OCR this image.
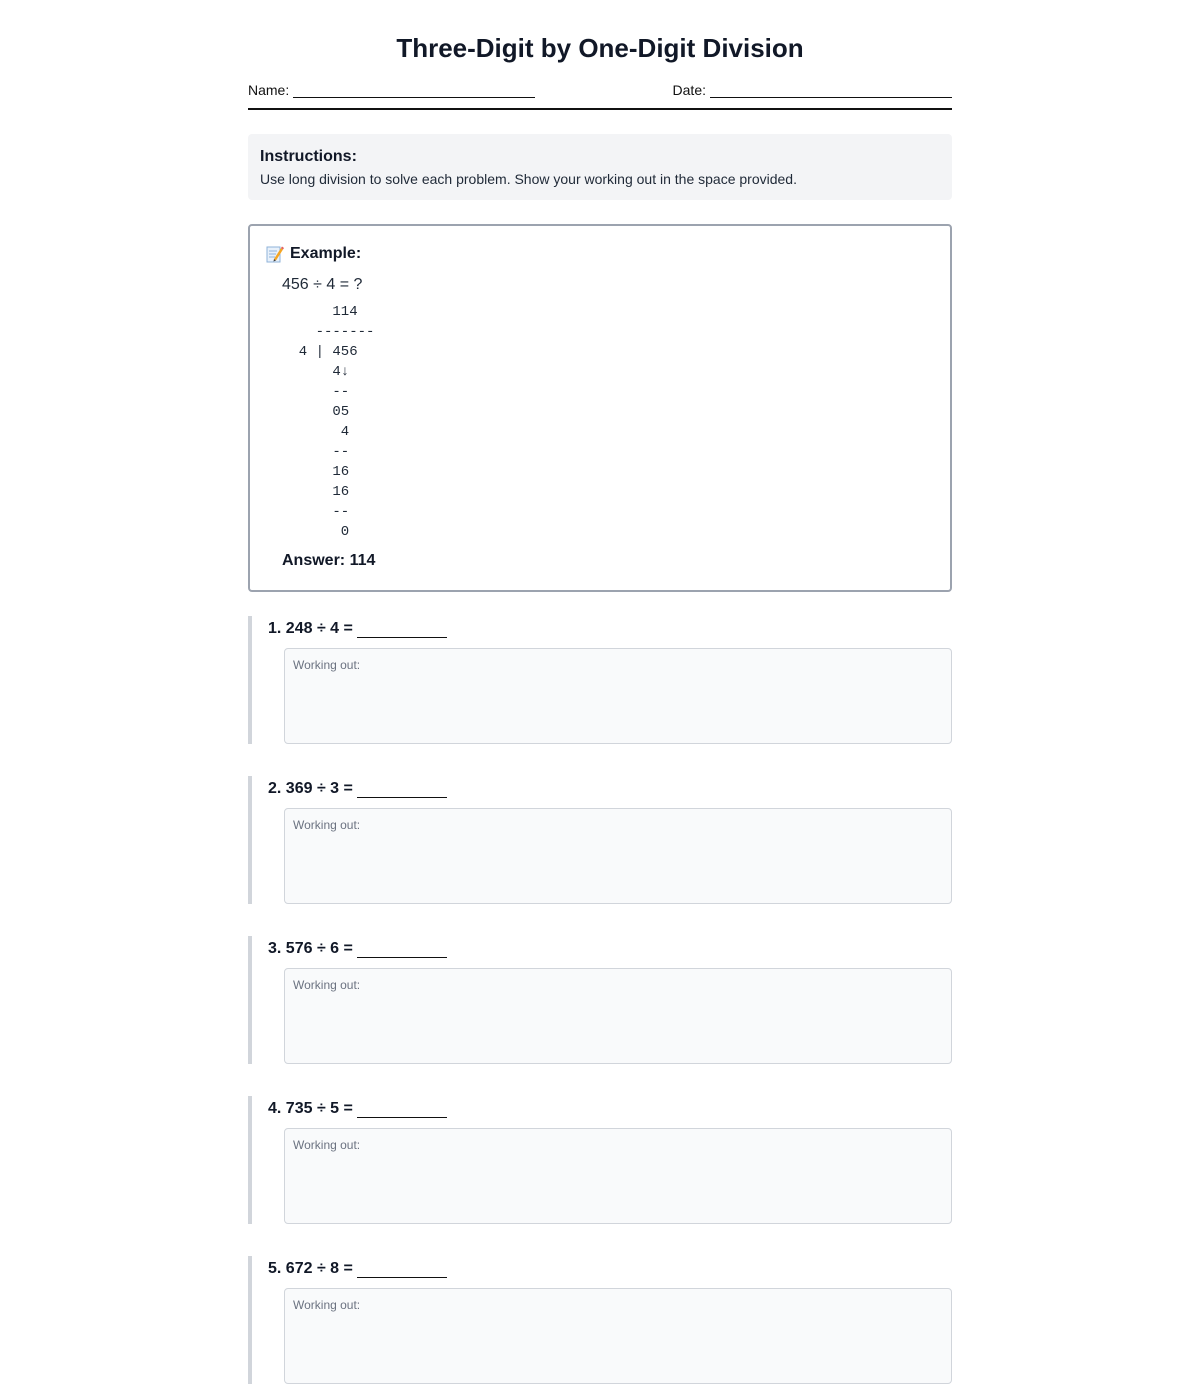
Three-Digit by One-Digit Division
Name:	Date:
Instructions:
Use long division to solve each problem. Show your working out in the space provided.
Example:
456 ÷ 4 = ?
114
-------
4 | 456
4↓
--
05
4
--
16
16
--
0
Answer: 114
1.
248 ÷ 4 =
Working out:
2.
369 ÷ 3 =
Working out:
3.
576 ÷ 6 =
Working out:
4.
735 ÷ 5 =
Working out:
5.
672 ÷ 8 =
Working out:
